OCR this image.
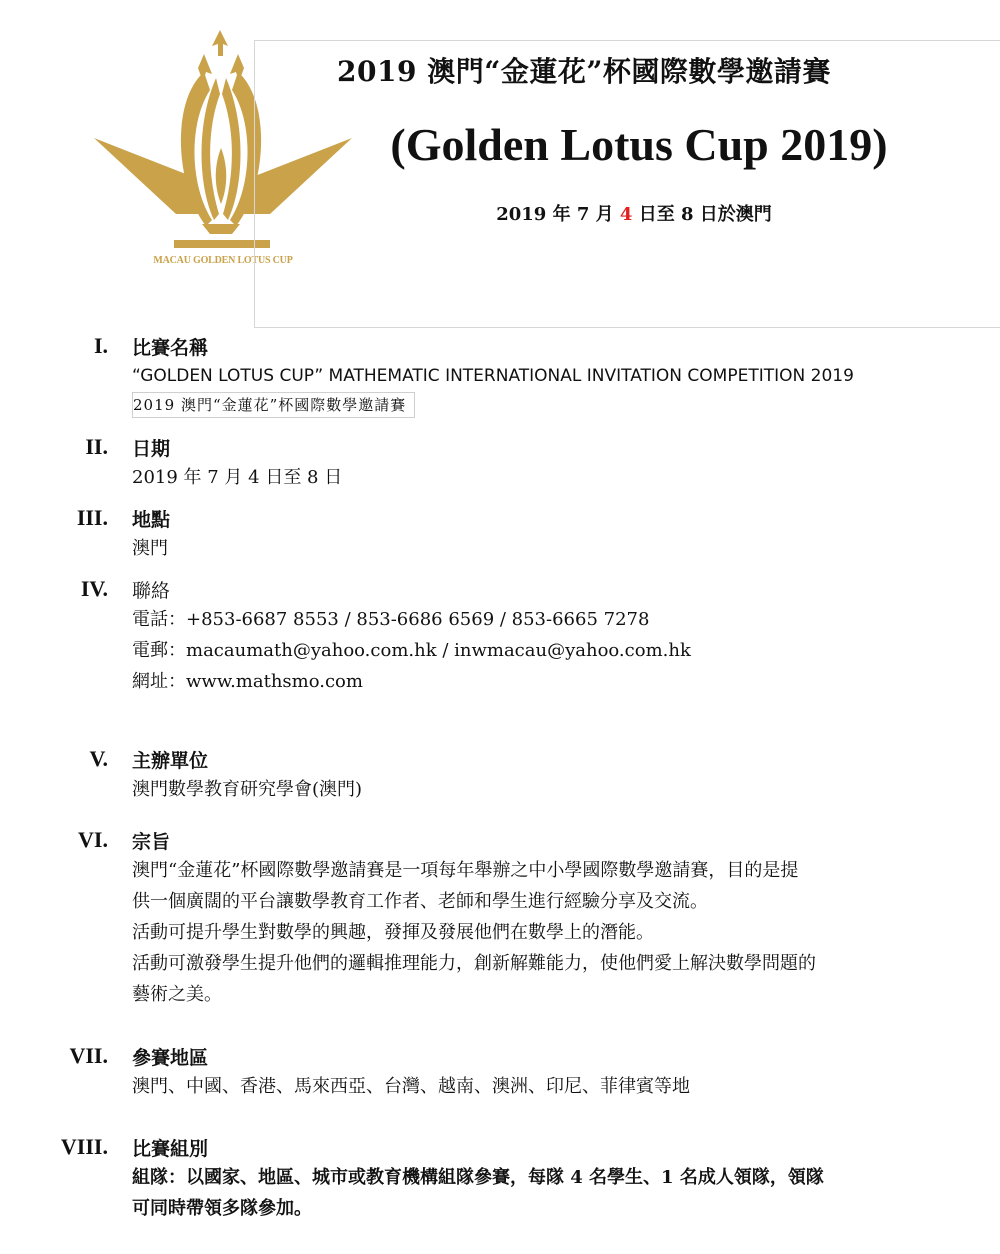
MACAU GOLDEN LOTUS CUP
2019 澳門“金蓮花”杯國際數學邀請賽
(Golden Lotus Cup 2019)
2019 年 7 月 4 日至 8 日於澳門
I. 比賽名稱
“GOLDEN LOTUS CUP” MATHEMATIC INTERNATIONAL INVITATION COMPETITION 2019
2019 澳門“金蓮花”杯國際數學邀請賽
II. 日期
2019 年 7 月 4 日至 8 日
III. 地點
澳門
IV. 聯絡
電話：+853-6687 8553 / 853-6686 6569 / 853-6665 7278
電郵：macaumath@yahoo.com.hk / inwmacau@yahoo.com.hk
網址：www.mathsmo.com
V. 主辦單位
澳門數學教育研究學會(澳門)
VI. 宗旨
澳門“金蓮花”杯國際數學邀請賽是一項每年舉辦之中小學國際數學邀請賽，目的是提
供一個廣闊的平台讓數學教育工作者、老師和學生進行經驗分享及交流。
活動可提升學生對數學的興趣，發揮及發展他們在數學上的潛能。
活動可激發學生提升他們的邏輯推理能力，創新解難能力，使他們愛上解決數學問題的
藝術之美。
VII. 參賽地區
澳門、中國、香港、馬來西亞、台灣、越南、澳洲、印尼、菲律賓等地
VIII. 比賽組別
組隊：以國家、地區、城市或教育機構組隊參賽，每隊 4 名學生、1 名成人領隊，領隊
可同時帶領多隊參加。
